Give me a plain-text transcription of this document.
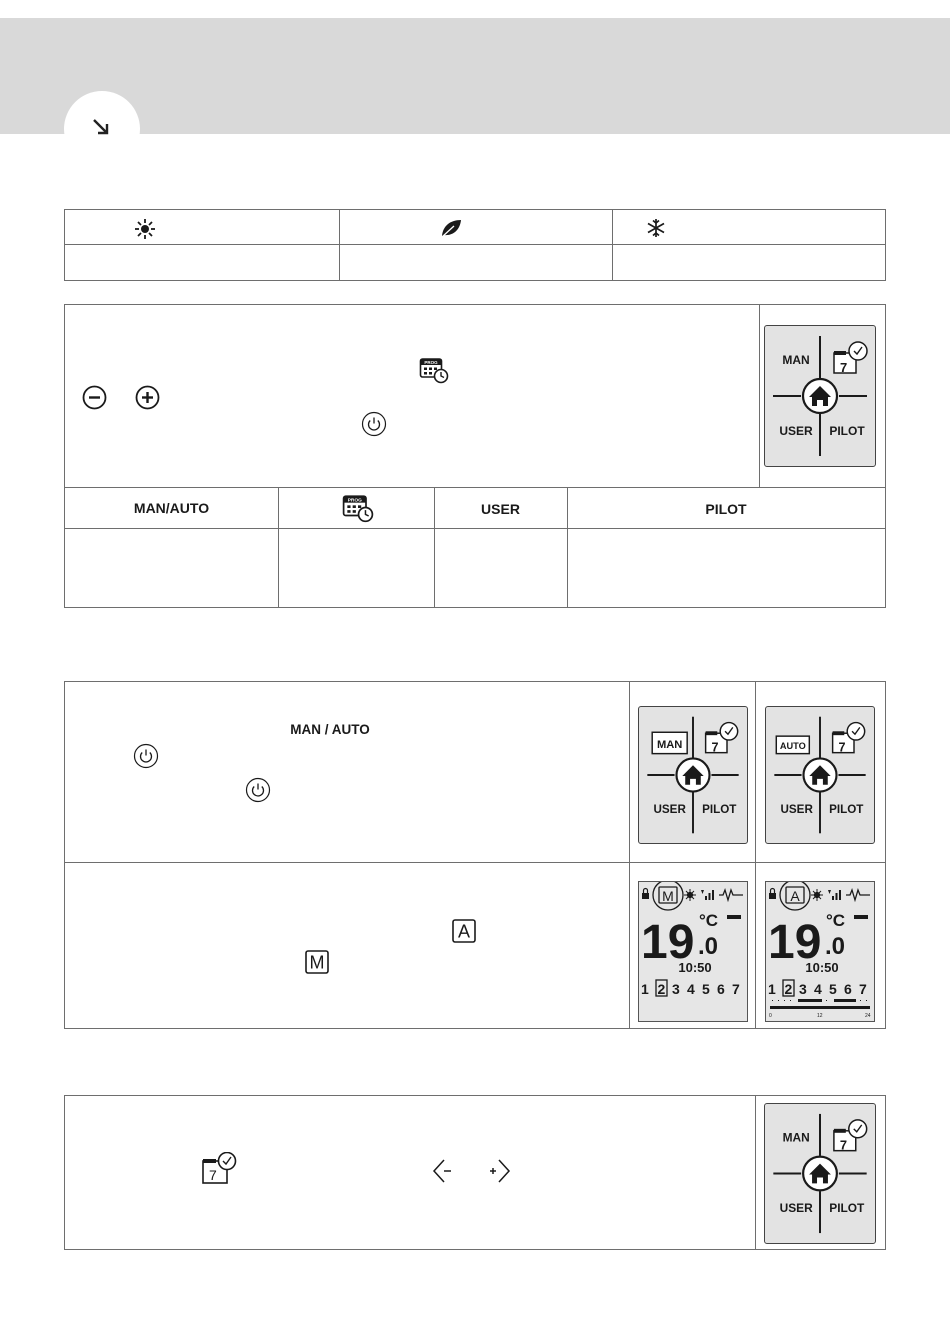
PROG	7
MAN
USER PILOT
MAN/AUTO	PROG	USER	PILOT
MAN / AUTO
7
MAN
USER PILOT
7
AUTO
USER PILOT
A
M
M
19 °C
.0
10:50
1 2 3 4 5 6 7
A
19 °C
.0
10:50
1 2 3 4 5 6 7
0	12	24
7
7
MAN
USER PILOT
